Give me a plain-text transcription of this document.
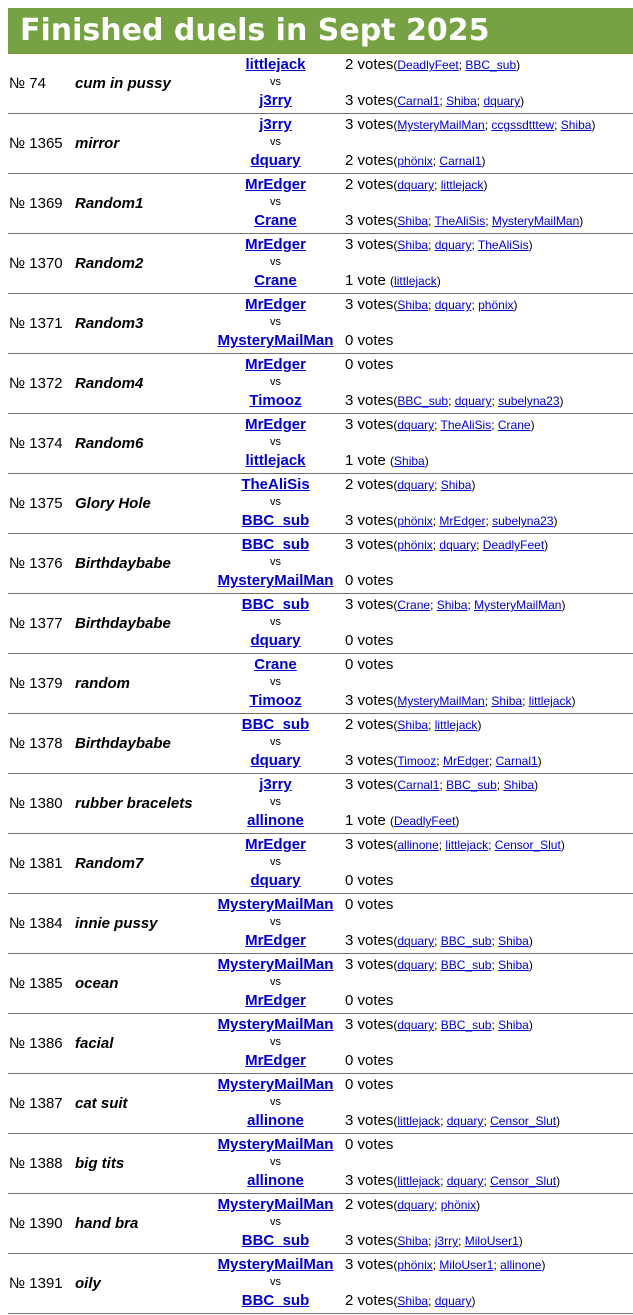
Finished duels in Sept 2025
№ 74 cum in pussy
littlejack
vs
j3rry
2 votes(DeadlyFeet; BBC_sub)
3 votes(Carnal1; Shiba; dquary)
№ 1365 mirror
j3rry
vs
dquary
3 votes(MysteryMailMan; ccgssdtttew; Shiba)
2 votes(phönix; Carnal1)
№ 1369 Random1
MrEdger
vs
Crane
2 votes(dquary; littlejack)
3 votes(Shiba; TheAliSis; MysteryMailMan)
№ 1370 Random2
MrEdger
vs
Crane
3 votes(Shiba; dquary; TheAliSis)
1 vote (littlejack)
№ 1371 Random3
MrEdger
vs
MysteryMailMan
3 votes(Shiba; dquary; phönix)
0 votes
№ 1372 Random4
MrEdger
vs
Timooz
0 votes
3 votes(BBC_sub; dquary; subelyna23)
№ 1374 Random6
MrEdger
vs
littlejack
3 votes(dquary; TheAliSis; Crane)
1 vote (Shiba)
№ 1375 Glory Hole
TheAliSis
vs
BBC_sub
2 votes(dquary; Shiba)
3 votes(phönix; MrEdger; subelyna23)
№ 1376 Birthdaybabe
BBC_sub
vs
MysteryMailMan
3 votes(phönix; dquary; DeadlyFeet)
0 votes
№ 1377 Birthdaybabe
BBC_sub
vs
dquary
3 votes(Crane; Shiba; MysteryMailMan)
0 votes
№ 1379 random
Crane
vs
Timooz
0 votes
3 votes(MysteryMailMan; Shiba; littlejack)
№ 1378 Birthdaybabe
BBC_sub
vs
dquary
2 votes(Shiba; littlejack)
3 votes(Timooz; MrEdger; Carnal1)
№ 1380 rubber bracelets
j3rry
vs
allinone
3 votes(Carnal1; BBC_sub; Shiba)
1 vote (DeadlyFeet)
№ 1381 Random7
MrEdger
vs
dquary
3 votes(allinone; littlejack; Censor_Slut)
0 votes
№ 1384 innie pussy
MysteryMailMan
vs
MrEdger
0 votes
3 votes(dquary; BBC_sub; Shiba)
№ 1385 ocean
MysteryMailMan
vs
MrEdger
3 votes(dquary; BBC_sub; Shiba)
0 votes
№ 1386 facial
MysteryMailMan
vs
MrEdger
3 votes(dquary; BBC_sub; Shiba)
0 votes
№ 1387 cat suit
MysteryMailMan
vs
allinone
0 votes
3 votes(littlejack; dquary; Censor_Slut)
№ 1388 big tits
MysteryMailMan
vs
allinone
0 votes
3 votes(littlejack; dquary; Censor_Slut)
№ 1390 hand bra
MysteryMailMan
vs
BBC_sub
2 votes(dquary; phönix)
3 votes(Shiba; j3rry; MiloUser1)
№ 1391 oily
MysteryMailMan
vs
BBC_sub
3 votes(phönix; MiloUser1; allinone)
2 votes(Shiba; dquary)
